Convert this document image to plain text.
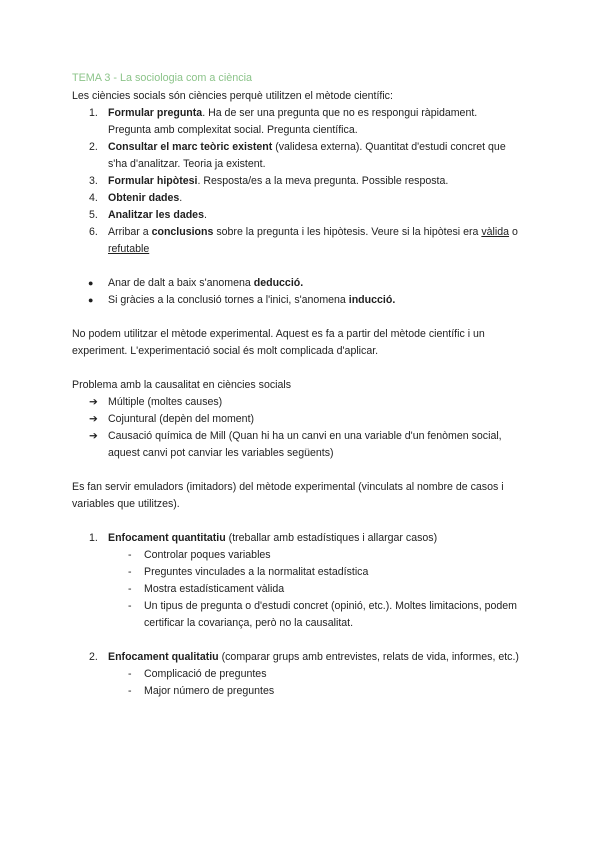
TEMA 3 - La sociologia com a ciència
Les ciències socials són ciències perquè utilitzen el mètode científic:
1. Formular pregunta. Ha de ser una pregunta que no es respongui ràpidament.
Pregunta amb complexitat social. Pregunta científica.
2. Consultar el marc teòric existent (validesa externa). Quantitat d'estudi concret que
s'ha d'analitzar. Teoria ja existent.
3. Formular hipòtesi. Resposta/es a la meva pregunta. Possible resposta.
4. Obtenir dades.
5. Analitzar les dades.
6. Arribar a conclusions sobre la pregunta i les hipòtesis. Veure si la hipòtesi era vàlida o
refutable
● Anar de dalt a baix s'anomena deducció.
● Si gràcies a la conclusió tornes a l'inici, s'anomena inducció.
No podem utilitzar el mètode experimental. Aquest es fa a partir del mètode científic i un experiment. L'experimentació social és molt complicada d'aplicar.
Problema amb la causalitat en ciències socials
➔ Múltiple (moltes causes)
➔ Cojuntural (depèn del moment)
➔ Causació química de Mill (Quan hi ha un canvi en una variable d'un fenòmen social, aquest canvi pot canviar les variables següents)
Es fan servir emuladors (imitadors) del mètode experimental (vinculats al nombre de casos i variables que utilitzes).
1. Enfocament quantitatiu (treballar amb estadístiques i allargar casos)
- Controlar poques variables
- Preguntes vinculades a la normalitat estadística
- Mostra estadísticament vàlida
- Un tipus de pregunta o d'estudi concret (opinió, etc.). Moltes limitacions, podem certificar la covariança, però no la causalitat.
2. Enfocament qualitatiu (comparar grups amb entrevistes, relats de vida, informes, etc.)
- Complicació de preguntes
- Major número de preguntes
